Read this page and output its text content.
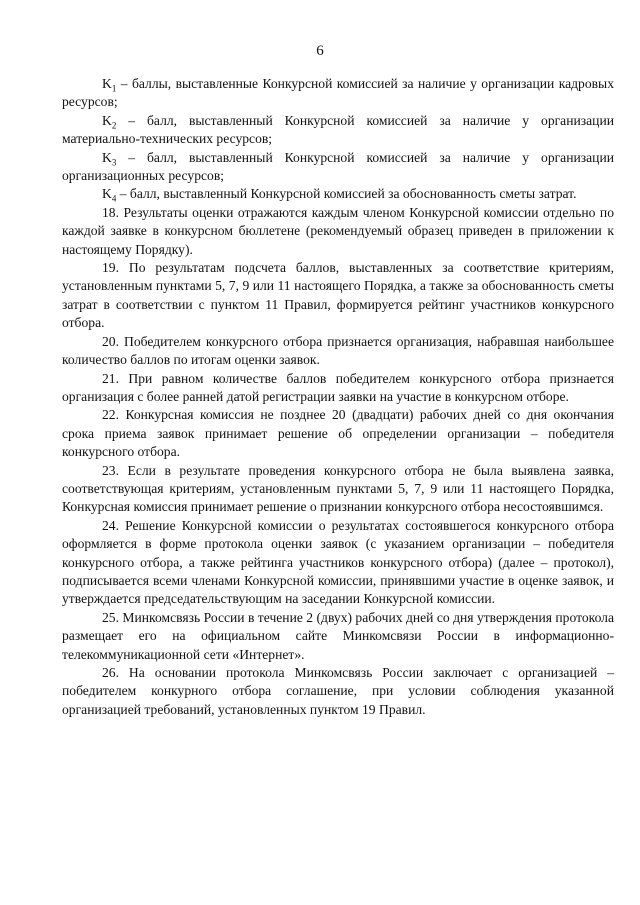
6

$K_1$ – баллы, выставленные Конкурсной комиссией за наличие у организации кадровых ресурсов;

$K_2$ – балл, выставленный Конкурсной комиссией за наличие у организации материально-технических ресурсов;

$K_3$ – балл, выставленный Конкурсной комиссией за наличие у организации организационных ресурсов;

$K_4$ – балл, выставленный Конкурсной комиссией за обоснованность сметы затрат.

18. Результаты оценки отражаются каждым членом Конкурсной комиссии отдельно по каждой заявке в конкурсном бюллетене (рекомендуемый образец приведен в приложении к настоящему Порядку).

19. По результатам подсчета баллов, выставленных за соответствие критериям, установленным пунктами 5, 7, 9 или 11 настоящего Порядка, а также за обоснованность сметы затрат в соответствии с пунктом 11 Правил, формируется рейтинг участников конкурсного отбора.

20. Победителем конкурсного отбора признается организация, набравшая наибольшее количество баллов по итогам оценки заявок.

21. При равном количестве баллов победителем конкурсного отбора признается организация с более ранней датой регистрации заявки на участие в конкурсном отборе.

22. Конкурсная комиссия не позднее 20 (двадцати) рабочих дней со дня окончания срока приема заявок принимает решение об определении организации – победителя конкурсного отбора.

23. Если в результате проведения конкурсного отбора не была выявлена заявка, соответствующая критериям, установленным пунктами 5, 7, 9 или 11 настоящего Порядка, Конкурсная комиссия принимает решение о признании конкурсного отбора несостоявшимся.

24. Решение Конкурсной комиссии о результатах состоявшегося конкурсного отбора оформляется в форме протокола оценки заявок (с указанием организации – победителя конкурсного отбора, а также рейтинга участников конкурсного отбора) (далее – протокол), подписывается всеми членами Конкурсной комиссии, принявшими участие в оценке заявок, и утверждается председательствующим на заседании Конкурсной комиссии.

25. Минкомсвязь России в течение 2 (двух) рабочих дней со дня утверждения протокола размещает его на официальном сайте Минкомсвязи России в информационно-телекоммуникационной сети «Интернет».

26. На основании протокола Минкомсвязь России заключает с организацией – победителем конкурного отбора соглашение, при условии соблюдения указанной организацией требований, установленных пунктом 19 Правил.
